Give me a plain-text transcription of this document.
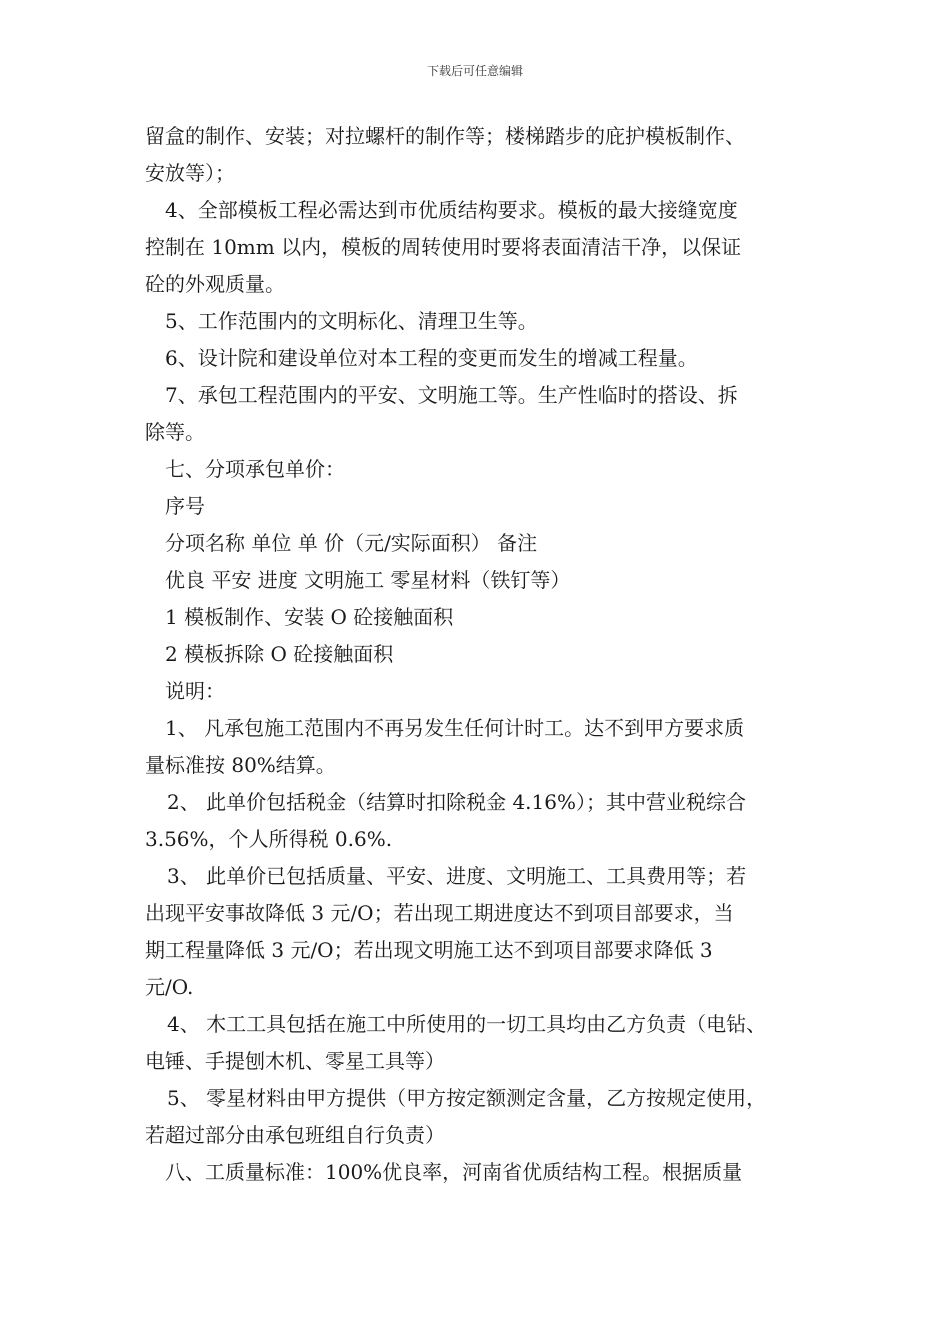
下载后可任意编辑
留盒的制作、安装；对拉螺杆的制作等；楼梯踏步的庇护模板制作、
安放等）；
4、全部模板工程必需达到市优质结构要求。模板的最大接缝宽度
控制在 10mm 以内，模板的周转使用时要将表面清洁干净，以保证
砼的外观质量。
5、工作范围内的文明标化、清理卫生等。
6、设计院和建设单位对本工程的变更而发生的增减工程量。
7、承包工程范围内的平安、文明施工等。生产性临时的搭设、拆
除等。
七、分项承包单价：
序号
分项名称 单位 单 价（元/实际面积） 备注
优良 平安 进度 文明施工 零星材料（铁钉等）
1 模板制作、安装 O 砼接触面积
2 模板拆除 O 砼接触面积
说明：
1、 凡承包施工范围内不再另发生任何计时工。达不到甲方要求质
量标准按 80%结算。
2、 此单价包括税金（结算时扣除税金 4.16%）；其中营业税综合
3.56%，个人所得税 0.6%.
3、 此单价已包括质量、平安、进度、文明施工、工具费用等；若
出现平安事故降低 3 元/O；若出现工期进度达不到项目部要求，当
期工程量降低 3 元/O；若出现文明施工达不到项目部要求降低 3
元/O.
4、 木工工具包括在施工中所使用的一切工具均由乙方负责（电钻、
电锤、手提刨木机、零星工具等）
5、 零星材料由甲方提供（甲方按定额测定含量，乙方按规定使用，
若超过部分由承包班组自行负责）
八、工质量标准：100%优良率，河南省优质结构工程。根据质量
